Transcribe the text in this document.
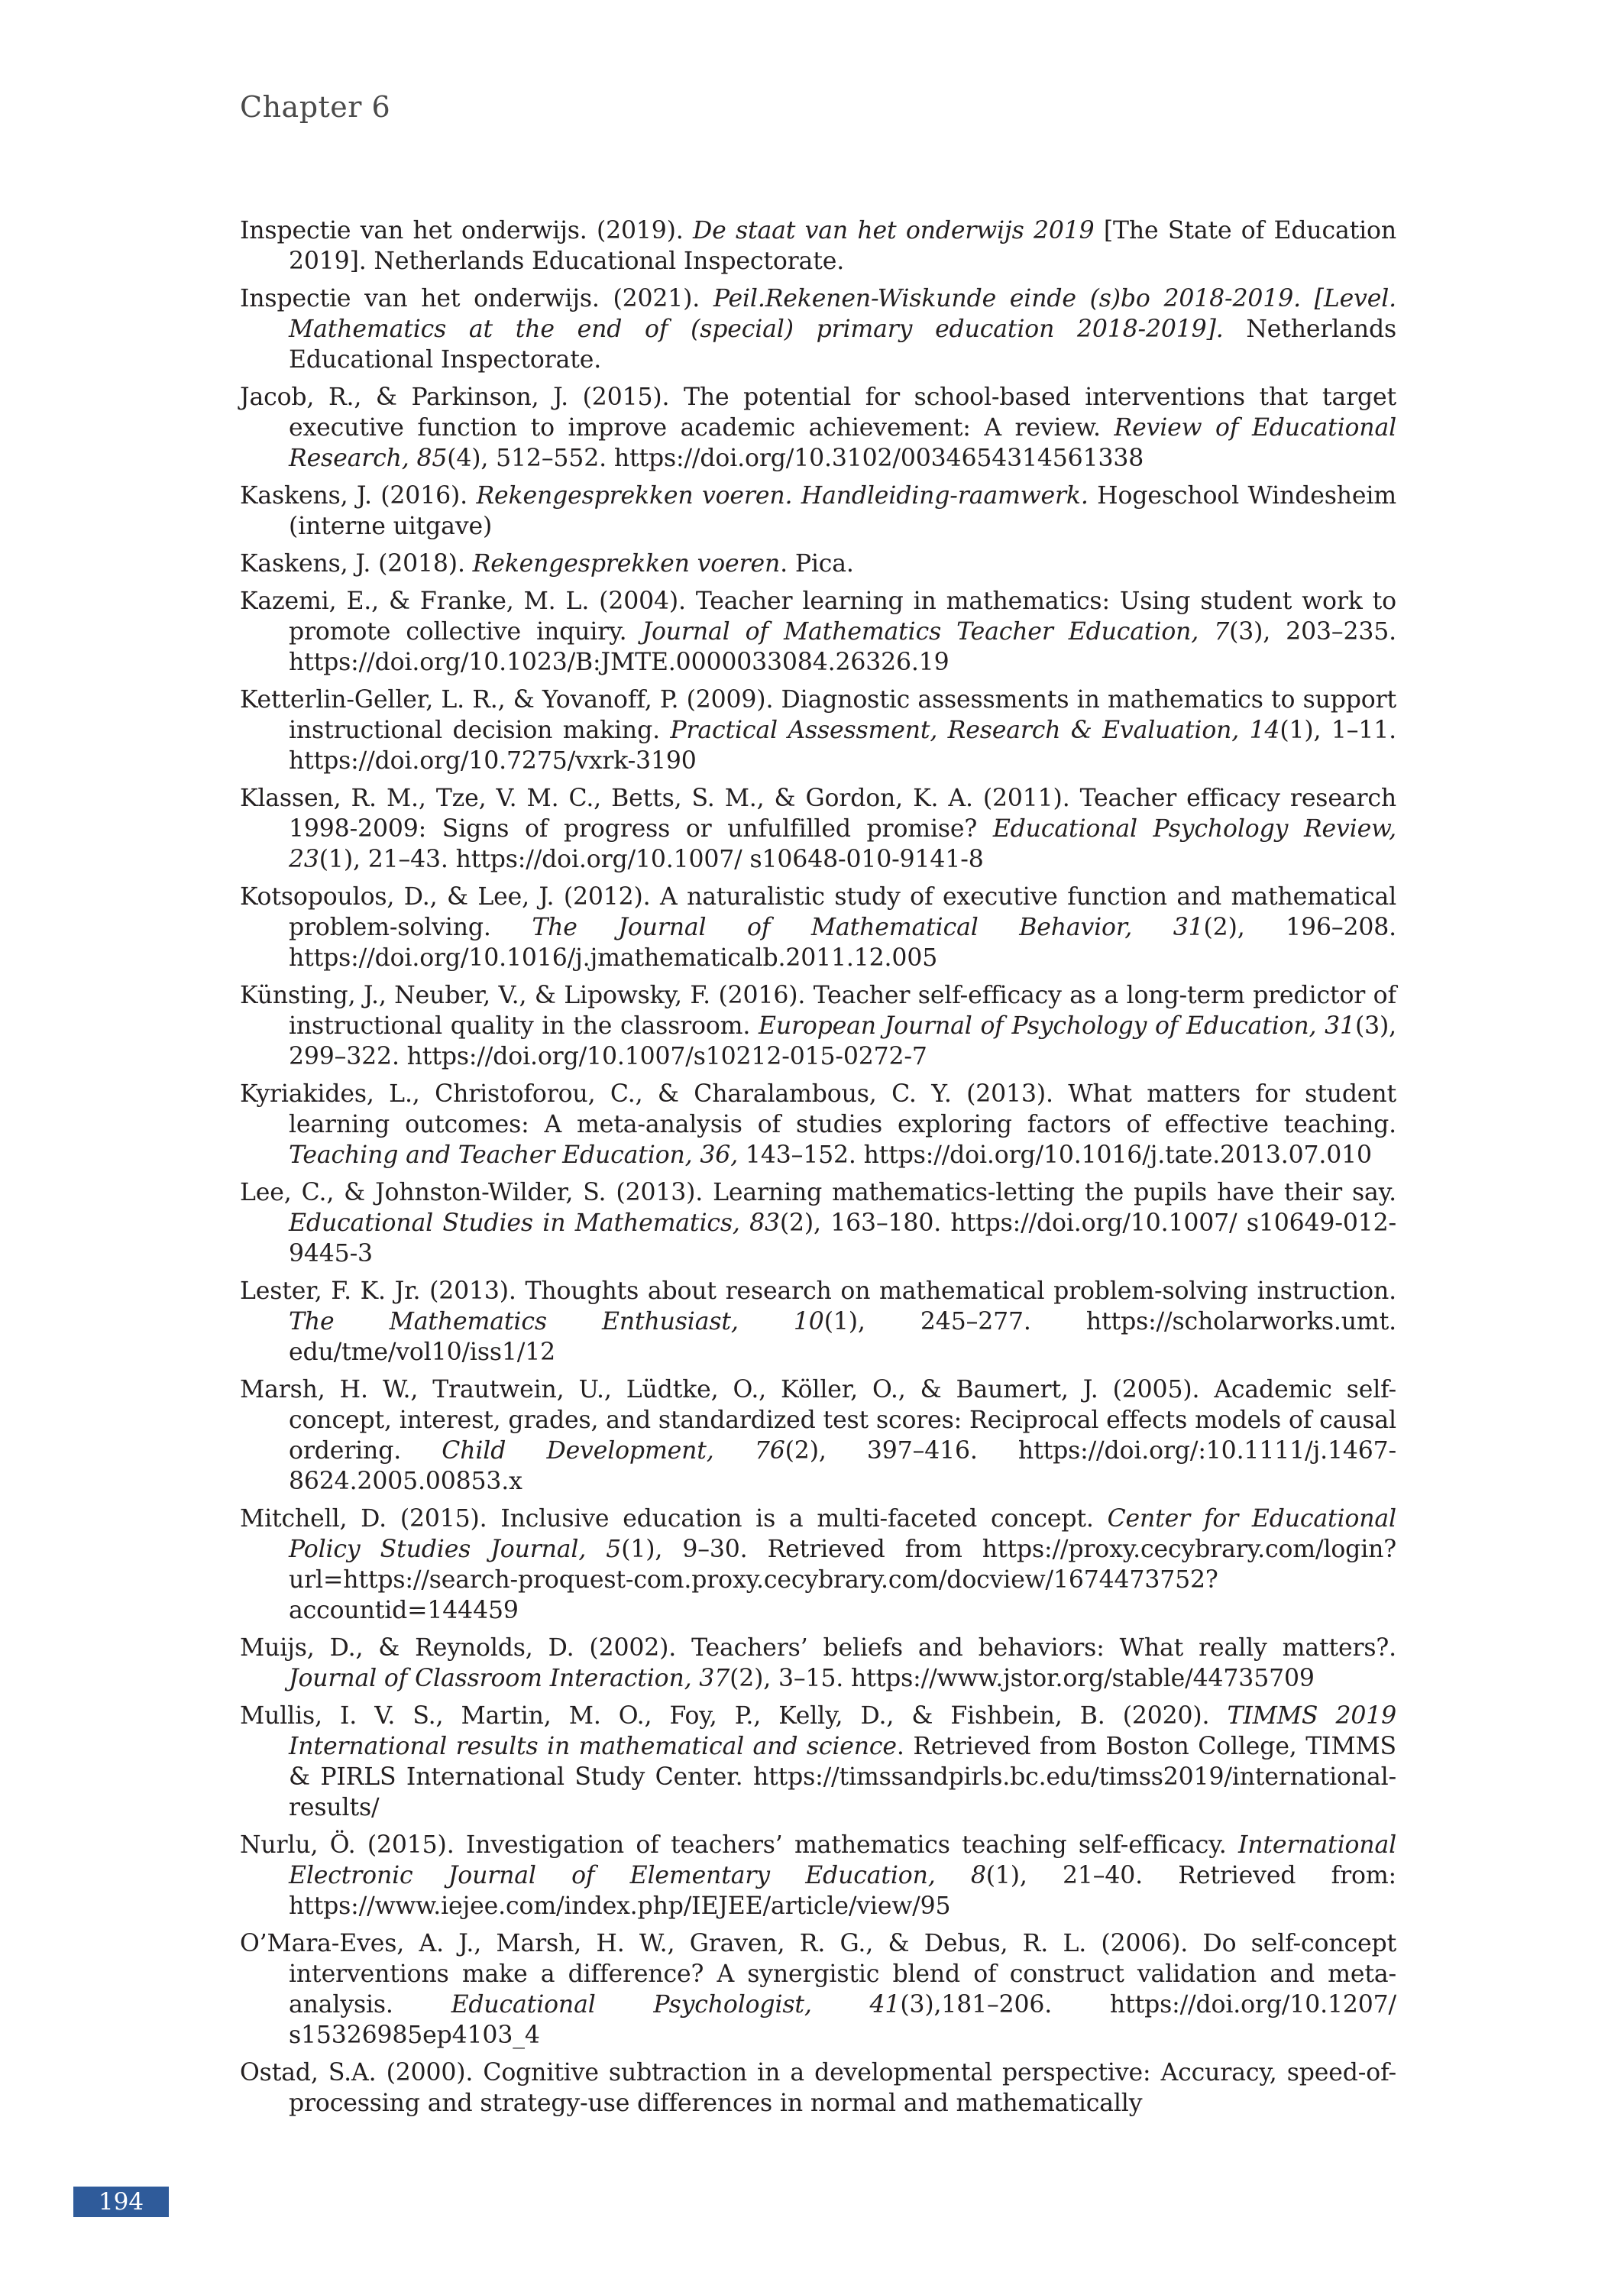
Chapter 6
Inspectie van het onderwijs. (2019). De staat van het onderwijs 2019 [The State of Education 2019]. Netherlands Educational Inspectorate.
Inspectie van het onderwijs. (2021). Peil.Rekenen-Wiskunde einde (s)bo 2018-2019. [Level. Mathematics at the end of (special) primary education 2018-2019]. Netherlands Educational Inspectorate.
Jacob, R., & Parkinson, J. (2015). The potential for school-based interventions that target executive function to improve academic achievement: A review. Review of Educational Research, 85(4), 512–552. https://doi.org/10.3102/0034654314561338
Kaskens, J. (2016). Rekengesprekken voeren. Handleiding-raamwerk. Hogeschool Windesheim (interne uitgave)
Kaskens, J. (2018). Rekengesprekken voeren. Pica.
Kazemi, E., & Franke, M. L. (2004). Teacher learning in mathematics: Using student work to promote collective inquiry. Journal of Mathematics Teacher Education, 7(3), 203–235. https://doi.org/10.1023/B:JMTE.0000033084.26326.19
Ketterlin-Geller, L. R., & Yovanoff, P. (2009). Diagnostic assessments in mathematics to support instructional decision making. Practical Assessment, Research & Evaluation, 14(1), 1–11. https://doi.org/10.7275/vxrk-3190
Klassen, R. M., Tze, V. M. C., Betts, S. M., & Gordon, K. A. (2011). Teacher efficacy research 1998-2009: Signs of progress or unfulfilled promise? Educational Psychology Review, 23(1), 21–43. https://doi.org/10.1007/ s10648-010-9141-8
Kotsopoulos, D., & Lee, J. (2012). A naturalistic study of executive function and mathematical problem-solving. The Journal of Mathematical Behavior, 31(2), 196–208. https://doi.org/10.1016/j.jmathematicalb.2011.12.005
Künsting, J., Neuber, V., & Lipowsky, F. (2016). Teacher self-efficacy as a long-term predictor of instructional quality in the classroom. European Journal of Psychology of Education, 31(3), 299–322. https://doi.org/10.1007/s10212-015-0272-7
Kyriakides, L., Christoforou, C., & Charalambous, C. Y. (2013). What matters for student learning outcomes: A meta-analysis of studies exploring factors of effective teaching. Teaching and Teacher Education, 36, 143–152. https://doi.org/10.1016/j.tate.2013.07.010
Lee, C., & Johnston-Wilder, S. (2013). Learning mathematics-letting the pupils have their say. Educational Studies in Mathematics, 83(2), 163–180. https://doi.org/10.1007/ s10649-012-9445-3
Lester, F. K. Jr. (2013). Thoughts about research on mathematical problem-solving instruction. The Mathematics Enthusiast, 10(1), 245–277. https://scholarworks.umt. edu/tme/vol10/iss1/12
Marsh, H. W., Trautwein, U., Lüdtke, O., Köller, O., & Baumert, J. (2005). Academic self-concept, interest, grades, and standardized test scores: Reciprocal effects models of causal ordering. Child Development, 76(2), 397–416. https://doi.org/:10.1111/j.1467-8624.2005.00853.x
Mitchell, D. (2015). Inclusive education is a multi-faceted concept. Center for Educational Policy Studies Journal, 5(1), 9–30. Retrieved from https://proxy.cecybrary.com/login?url=https://search-proquest-com.proxy.cecybrary.com/docview/1674473752?accountid=144459
Muijs, D., & Reynolds, D. (2002). Teachers’ beliefs and behaviors: What really matters?. Journal of Classroom Interaction, 37(2), 3–15. https://www.jstor.org/stable/44735709
Mullis, I. V. S., Martin, M. O., Foy, P., Kelly, D., & Fishbein, B. (2020). TIMMS 2019 International results in mathematical and science. Retrieved from Boston College, TIMMS & PIRLS International Study Center. https://timssandpirls.bc.edu/timss2019/international-results/
Nurlu, Ö. (2015). Investigation of teachers’ mathematics teaching self-efficacy. International Electronic Journal of Elementary Education, 8(1), 21–40. Retrieved from: https://www.iejee.com/index.php/IEJEE/article/view/95
O’Mara-Eves, A. J., Marsh, H. W., Graven, R. G., & Debus, R. L. (2006). Do self-concept interventions make a difference? A synergistic blend of construct validation and meta-analysis. Educational Psychologist, 41(3),181–206. https://doi.org/10.1207/ s15326985ep4103_4
Ostad, S.A. (2000). Cognitive subtraction in a developmental perspective: Accuracy, speed-of-processing and strategy-use differences in normal and mathematically
194
